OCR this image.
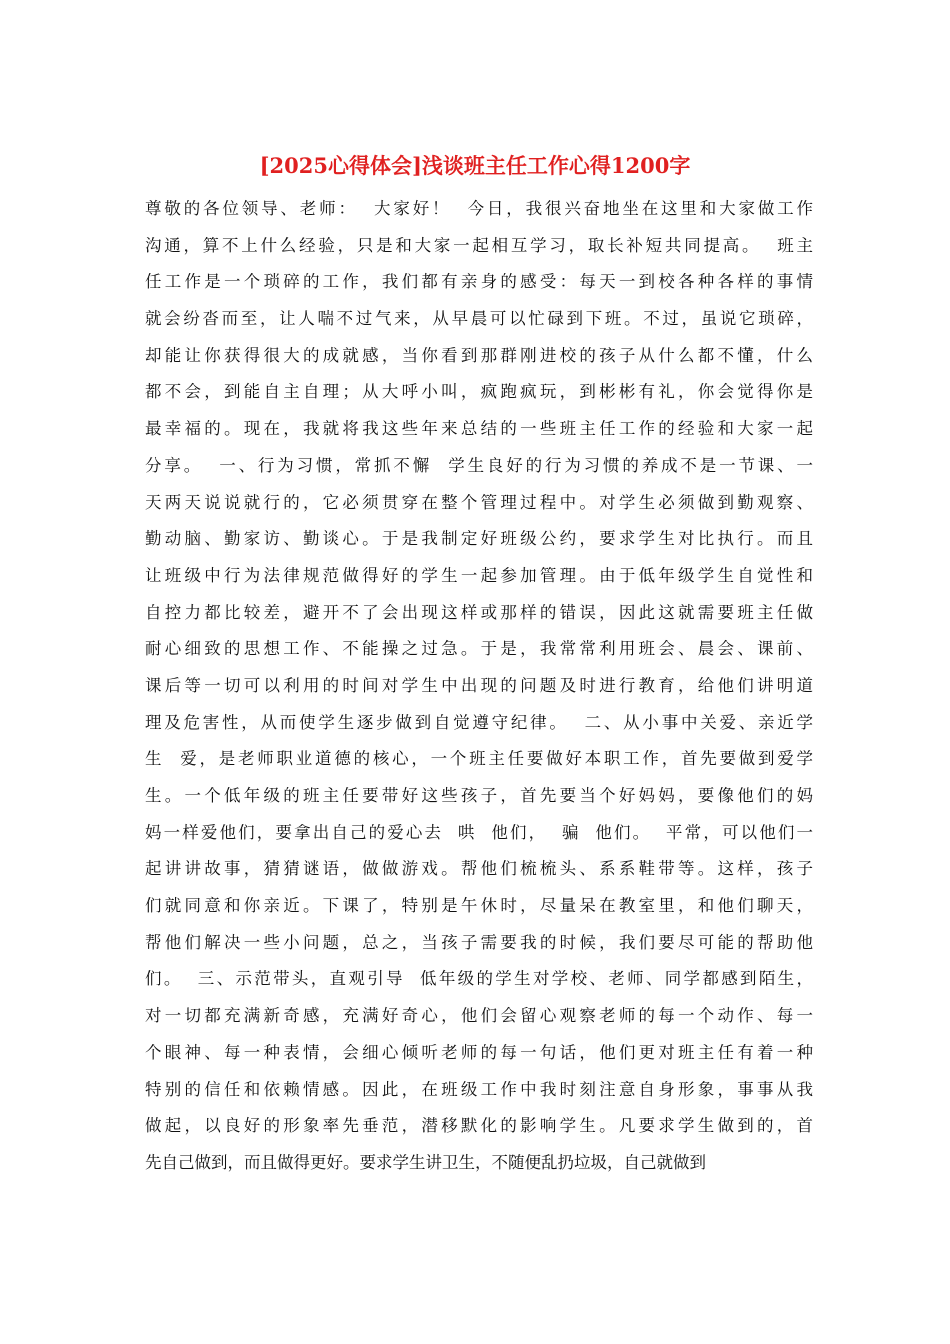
[2025心得体会]浅谈班主任工作心得1200字
尊敬的各位领导、老师：  大家好！  今日，我很兴奋地坐在这里和大家做工作
沟通，算不上什么经验，只是和大家一起相互学习，取长补短共同提高。  班主
任工作是一个琐碎的工作，我们都有亲身的感受：每天一到校各种各样的事情
就会纷沓而至，让人喘不过气来，从早晨可以忙碌到下班。不过，虽说它琐碎，
却能让你获得很大的成就感，当你看到那群刚进校的孩子从什么都不懂，什么
都不会，到能自主自理；从大呼小叫，疯跑疯玩，到彬彬有礼，你会觉得你是
最幸福的。现在，我就将我这些年来总结的一些班主任工作的经验和大家一起
分享。  一、行为习惯，常抓不懈  学生良好的行为习惯的养成不是一节课、一
天两天说说就行的，它必须贯穿在整个管理过程中。对学生必须做到勤观察、
勤动脑、勤家访、勤谈心。于是我制定好班级公约，要求学生对比执行。而且
让班级中行为法律规范做得好的学生一起参加管理。由于低年级学生自觉性和
自控力都比较差，避开不了会出现这样或那样的错误，因此这就需要班主任做
耐心细致的思想工作、不能操之过急。于是，我常常利用班会、晨会、课前、
课后等一切可以利用的时间对学生中出现的问题及时进行教育，给他们讲明道
理及危害性，从而使学生逐步做到自觉遵守纪律。  二、从小事中关爱、亲近学
生  爱，是老师职业道德的核心，一个班主任要做好本职工作，首先要做到爱学
生。一个低年级的班主任要带好这些孩子，首先要当个好妈妈，要像他们的妈
妈一样爱他们，要拿出自己的爱心去  哄  他们，  骗  他们。  平常，可以他们一
起讲讲故事，猜猜谜语，做做游戏。帮他们梳梳头、系系鞋带等。这样，孩子
们就同意和你亲近。下课了，特别是午休时，尽量呆在教室里，和他们聊天，
帮他们解决一些小问题，总之，当孩子需要我的时候，我们要尽可能的帮助他
们。  三、示范带头，直观引导  低年级的学生对学校、老师、同学都感到陌生，
对一切都充满新奇感，充满好奇心，他们会留心观察老师的每一个动作、每一
个眼神、每一种表情，会细心倾听老师的每一句话，他们更对班主任有着一种
特别的信任和依赖情感。因此，在班级工作中我时刻注意自身形象，事事从我
做起，以良好的形象率先垂范，潜移默化的影响学生。凡要求学生做到的，首
先自己做到，而且做得更好。要求学生讲卫生，不随便乱扔垃圾，自己就做到
